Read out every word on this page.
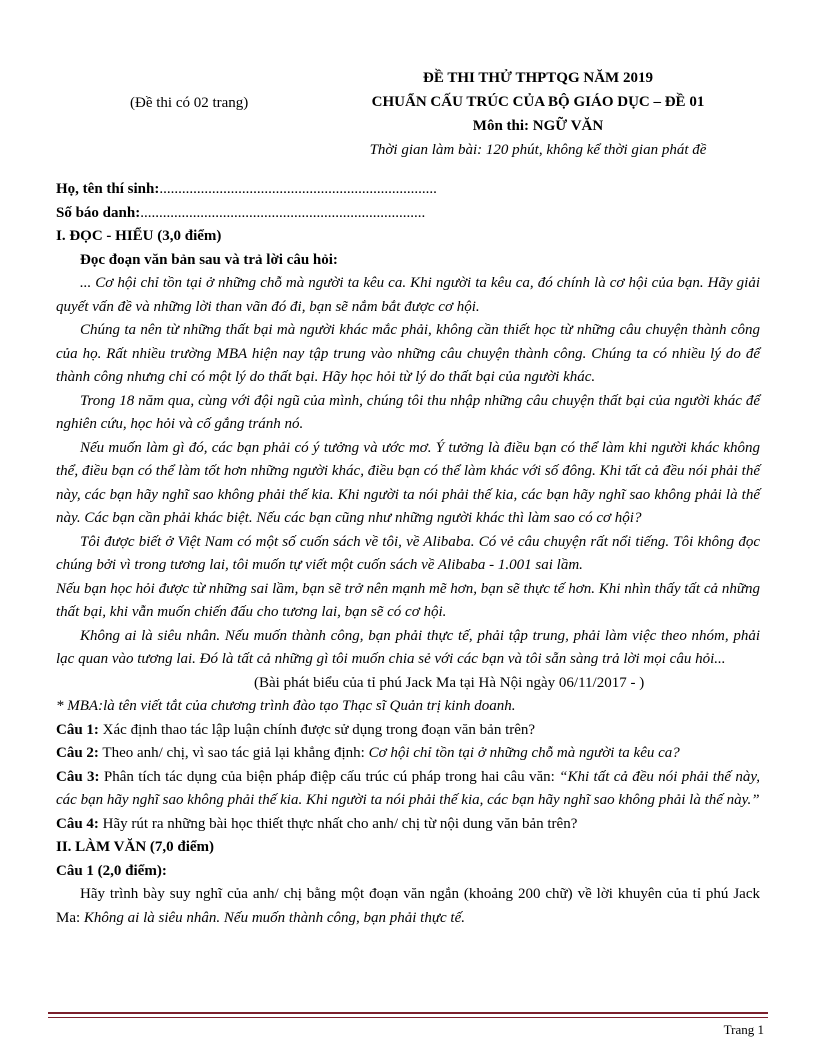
(Đề thi có 02 trang)
ĐỀ THI THỬ THPTQG NĂM 2019
CHUẨN CẤU TRÚC CỦA BỘ GIÁO DỤC – ĐỀ 01
Môn thi: NGỮ VĂN
Thời gian làm bài: 120 phút, không kể thời gian phát đề

Họ, tên thí sinh:..........................................................................

Số báo danh:............................................................................

I. ĐỌC - HIỂU (3,0 điểm)

Đọc đoạn văn bản sau và trả lời câu hỏi:

... Cơ hội chỉ tồn tại ở những chỗ mà người ta kêu ca. Khi người ta kêu ca, đó chính là cơ hội của bạn. Hãy giải quyết vấn đề và những lời than vãn đó đi, bạn sẽ nắm bắt được cơ hội.

Chúng ta nên từ những thất bại mà người khác mắc phải, không cần thiết học từ những câu chuyện thành công của họ. Rất nhiều trường MBA hiện nay tập trung vào những câu chuyện thành công. Chúng ta có nhiều lý do để thành công nhưng chỉ có một lý do thất bại. Hãy học hỏi từ lý do thất bại của người khác.

Trong 18 năm qua, cùng với đội ngũ của mình, chúng tôi thu nhập những câu chuyện thất bại của người khác để nghiên cứu, học hỏi và cố gắng tránh nó.

Nếu muốn làm gì đó, các bạn phải có ý tưởng và ước mơ. Ý tưởng là điều bạn có thể làm khi người khác không thể, điều bạn có thể làm tốt hơn những người khác, điều bạn có thể làm khác với số đông. Khi tất cả đều nói phải thế này, các bạn hãy nghĩ sao không phải thế kia. Khi người ta nói phải thế kia, các bạn hãy nghĩ sao không phải là thế này. Các bạn cần phải khác biệt. Nếu các bạn cũng như những người khác thì làm sao có cơ hội?

Tôi được biết ở Việt Nam có một số cuốn sách về tôi, về Alibaba. Có vẻ câu chuyện rất nổi tiếng. Tôi không đọc chúng bởi vì trong tương lai, tôi muốn tự viết một cuốn sách về Alibaba - 1.001 sai lầm.

Nếu bạn học hỏi được từ những sai lầm, bạn sẽ trở nên mạnh mẽ hơn, bạn sẽ thực tế hơn. Khi nhìn thấy tất cả những thất bại, khi vẫn muốn chiến đấu cho tương lai, bạn sẽ có cơ hội.

Không ai là siêu nhân. Nếu muốn thành công, bạn phải thực tế, phải tập trung, phải làm việc theo nhóm, phải lạc quan vào tương lai. Đó là tất cả những gì tôi muốn chia sẻ với các bạn và tôi sẵn sàng trả lời mọi câu hỏi...

(Bài phát biểu của tỉ phú Jack Ma tại Hà Nội ngày 06/11/2017 - )

* MBA:là tên viết tắt của chương trình đào tạo Thạc sĩ Quản trị kinh doanh.

Câu 1: Xác định thao tác lập luận chính được sử dụng trong đoạn văn bản trên?

Câu 2: Theo anh/ chị, vì sao tác giả lại khẳng định: Cơ hội chỉ tồn tại ở những chỗ mà người ta kêu ca?

Câu 3: Phân tích tác dụng của biện pháp điệp cấu trúc cú pháp trong hai câu văn: “Khi tất cả đều nói phải thế này, các bạn hãy nghĩ sao không phải thế kia. Khi người ta nói phải thế kia, các bạn hãy nghĩ sao không phải là thế này.”

Câu 4: Hãy rút ra những bài học thiết thực nhất cho anh/ chị từ nội dung văn bản trên?

II. LÀM VĂN (7,0 điểm)

Câu 1 (2,0 điểm):

Hãy trình bày suy nghĩ của anh/ chị bằng một đoạn văn ngắn (khoảng 200 chữ) về lời khuyên của tỉ phú Jack Ma: Không ai là siêu nhân. Nếu muốn thành công, bạn phải thực tế.

Trang 1
